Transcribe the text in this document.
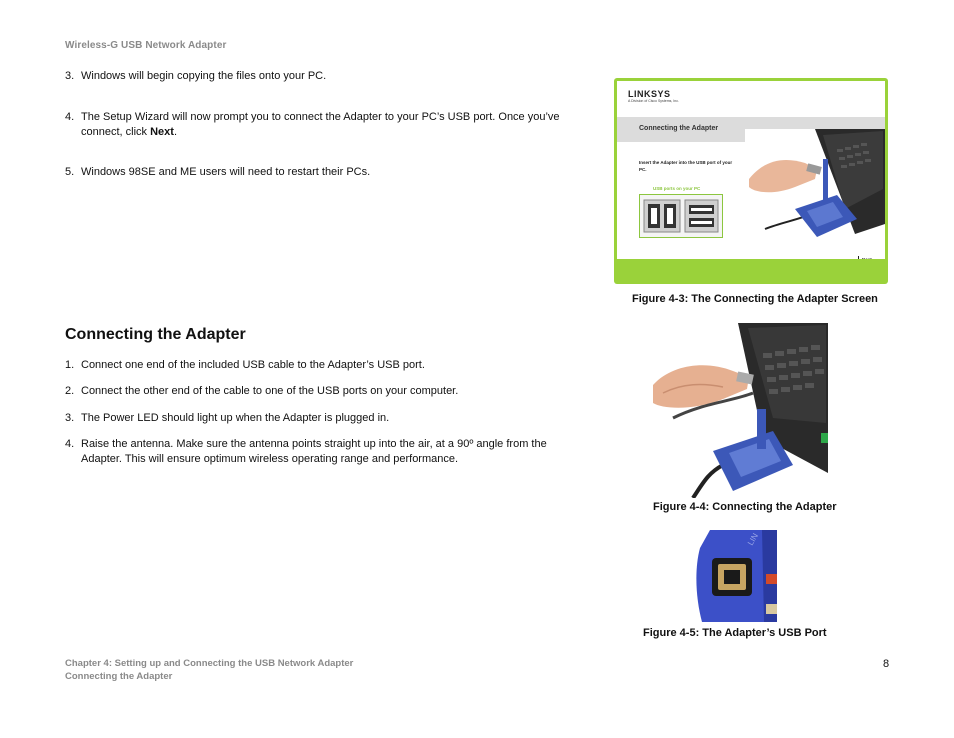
Wireless-G USB Network Adapter
3. Windows will begin copying the files onto your PC.
4. The Setup Wizard will now prompt you to connect the Adapter to your PC’s USB port. Once you’ve connect, click Next.
5. Windows 98SE and ME users will need to restart their PCs.
Connecting the Adapter
1. Connect one end of the included USB cable to the Adapter’s USB port.
2. Connect the other end of the cable to one of the USB ports on your computer.
3. The Power LED should light up when the Adapter is plugged in.
4. Raise the antenna. Make sure the antenna points straight up into the air, at a 90º angle from the Adapter. This will ensure optimum wireless operating range and performance.
LINKSYS
A Division of Cisco Systems, Inc.
Connecting the Adapter
Insert the Adapter into the USB port of your PC.
USB ports on your PC
Figure 4-3: The Connecting the Adapter Screen
Figure 4-4: Connecting the Adapter
LIN
Figure 4-5: The Adapter’s USB Port
Chapter 4: Setting up and Connecting the USB Network Adapter
Connecting the Adapter
8
